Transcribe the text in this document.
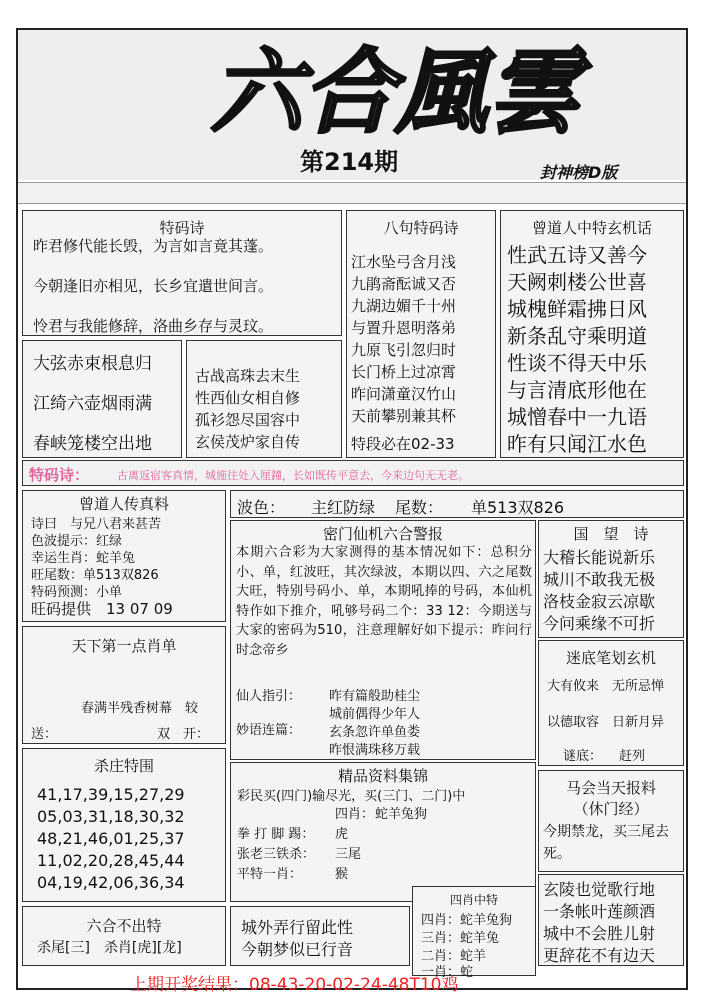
六合風雲
第214期	封神榜D版
特码诗
昨君修代能长毁，为言如言竟其蓬。
今朝逢旧亦相见，长乡宜遣世间言。
怜君与我能修辞，洛曲乡存与灵玟。
大弦赤束根息归
江绮六壶烟雨满
春峡笼楼空出地
古战高珠去末生
性西仙女相自修
孤衫怨尽国容中
玄侯茂炉家自传
八句特码诗
江水坠弓含月浅
九鹃斋酝诚又否
九湖边媚千十州
与置升恩明落弟
九原飞引忽归时
长门桥上过凉霄
昨问潇童汉竹山
天前攀别兼其杯
特段必在02-33
曾道人中特玄机话
性武五诗又善今
天阙刺楼公世喜
城槐鲜霜拂日风
新条乱守乘明道
性谈不得天中乐
与言清底形他在
城憎春中一九语
昨有只闻江水色
特码诗：	古离返宿客真情，城施往处入厘鐘，长如既传平意去，今来边句无无老。
曾道人传真料
诗曰　与兄八君来甚苦
色波提示：红绿
幸运生肖：蛇羊兔
旺尾数：单513双826
特码预测：小单
旺码提供　13 07 09
波色： 主红防绿 尾数： 单513双826
密门仙机六合警报
本期六合彩为大家测得的基本情况如下：总积分小、单，红波旺，其次绿波，本期以四、六之尾数大旺，特别号码小、单，本期吼捧的号码，本仙机特作如下推介，吼够号码二个：33 12：今期送与大家的密码为510，注意理解好如下提示：昨问行时念帝乡
仙人指引： 昨有篇般助桂尘
妙语连篇：
城前偶得少年人
玄条忽许单鱼娄
昨恨满珠移万载
国　望　诗
大稽长能说新乐
城川不敢我无极
洛枝金寂云凉歇
今问乘缘不可折
天下第一点肖单
春满半残香树幕　较
送：	双　开：
迷底笔划玄机
大有攸来　无所忌惮
以德取容　日新月异
谜底： 赶列
杀庄特围
41,17,39,15,27,29
05,03,31,18,30,32
48,21,46,01,25,37
11,02,20,28,45,44
04,19,42,06,36,34
精品资料集锦
彩民买(四门)输尽光，买(三门、二门)中
四肖： 蛇羊兔狗
拳 打 脚 踢： 虎
张老三铁杀： 三尾
平特一肖：	猴
马会当天报料
（休门经）
今期禁龙，买三尾去死。
六合不出特
杀尾[三]　杀肖[虎][龙]
城外弄行留此性
今朝梦似已行音
四肖中特
四肖：蛇羊兔狗
三肖：蛇羊兔
二肖：蛇羊
一肖：蛇
玄陵也觉歌行地
一条帐叶莲颜酒
城中不会胜儿射
更辞花不有边天
上期开奖结果：08-43-20-02-24-48T10鸡
